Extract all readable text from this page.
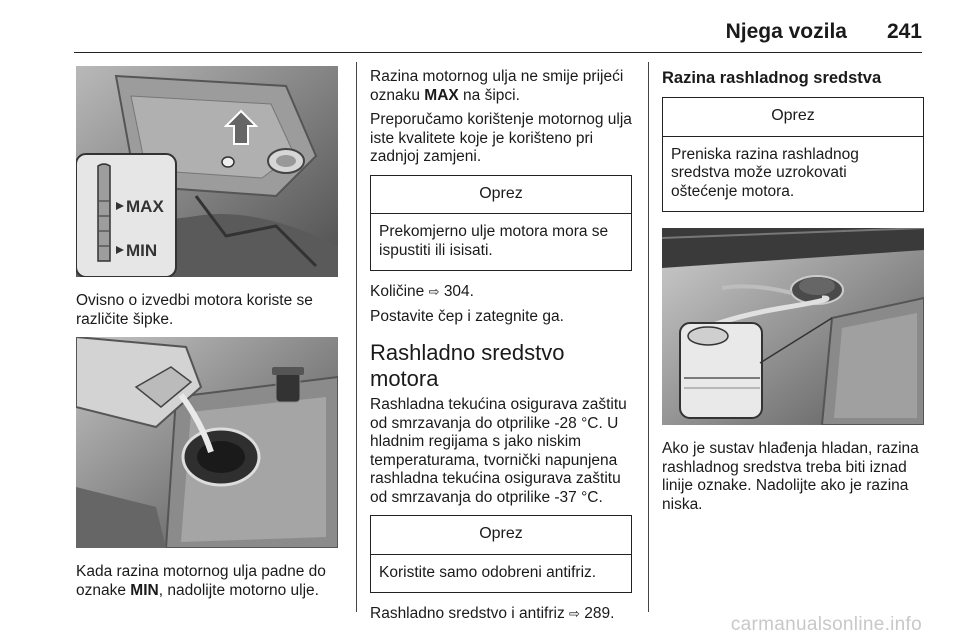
Njega vozila 241
MAX
MIN

Ovisno o izvedbi motora koriste se različite šipke.

Kada razina motornog ulja padne do oznake MIN, nadolijte motorno ulje.

Razina motornog ulja ne smije prijeći oznaku MAX na šipci.

Preporučamo korištenje motornog ulja iste kvalitete koje je korišteno pri zadnjoj zamjeni.

Oprez
Prekomjerno ulje motora mora se ispustiti ili isisati.

Količine ⇨ 304.

Postavite čep i zategnite ga.

Rashladno sredstvo motora

Rashladna tekućina osigurava zaštitu od smrzavanja do otprilike -28 °C. U hladnim regijama s jako niskim temperaturama, tvornički napunjena rashladna tekućina osigurava zaštitu od smrzavanja do otprilike -37 °C.

Oprez
Koristite samo odobreni antifriz.

Rashladno sredstvo i antifriz ⇨ 289.

Razina rashladnog sredstva
Oprez
Preniska razina rashladnog sredstva može uzrokovati oštećenje motora.

Ako je sustav hlađenja hladan, razina rashladnog sredstva treba biti iznad linije oznake. Nadolijte ako je razina niska.

carmanualsonline.info
